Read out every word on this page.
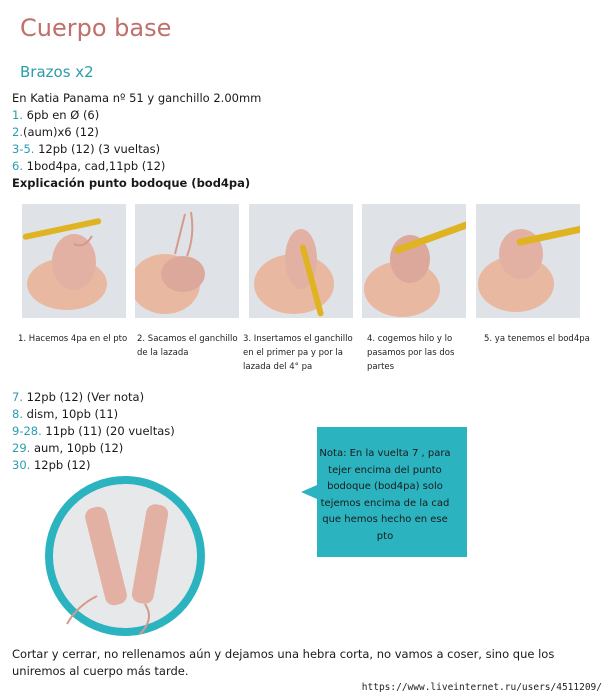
Cuerpo base
Brazos x2
En Katia Panama nº 51 y ganchillo 2.00mm
1. 6pb en Ø (6)
2.(aum)x6 (12)
3-5. 12pb (12) (3 vueltas)
6. 1bod4pa, cad,11pb (12)
Explicación punto bodoque (bod4pa)
1. Hacemos 4pa en el pto	2. Sacamos el ganchillo de la lazada
3. Insertamos el ganchillo en el primer pa y por la lazada del 4° pa
4. cogemos hilo y lo pasamos por las dos partes
5. ya tenemos el bod4pa
7. 12pb (12) (Ver nota)
8. dism, 10pb (11)
9-28. 11pb (11) (20 vueltas)
29. aum, 10pb (12)
30. 12pb (12)
Nota: En la vuelta 7 , para tejer encima del punto bodoque (bod4pa) solo tejemos encima de la cad que hemos hecho en ese pto
Cortar y cerrar, no rellenamos aún y dejamos una hebra corta, no vamos a coser, sino que los uniremos al cuerpo más tarde.
https://www.liveinternet.ru/users/4511209/
